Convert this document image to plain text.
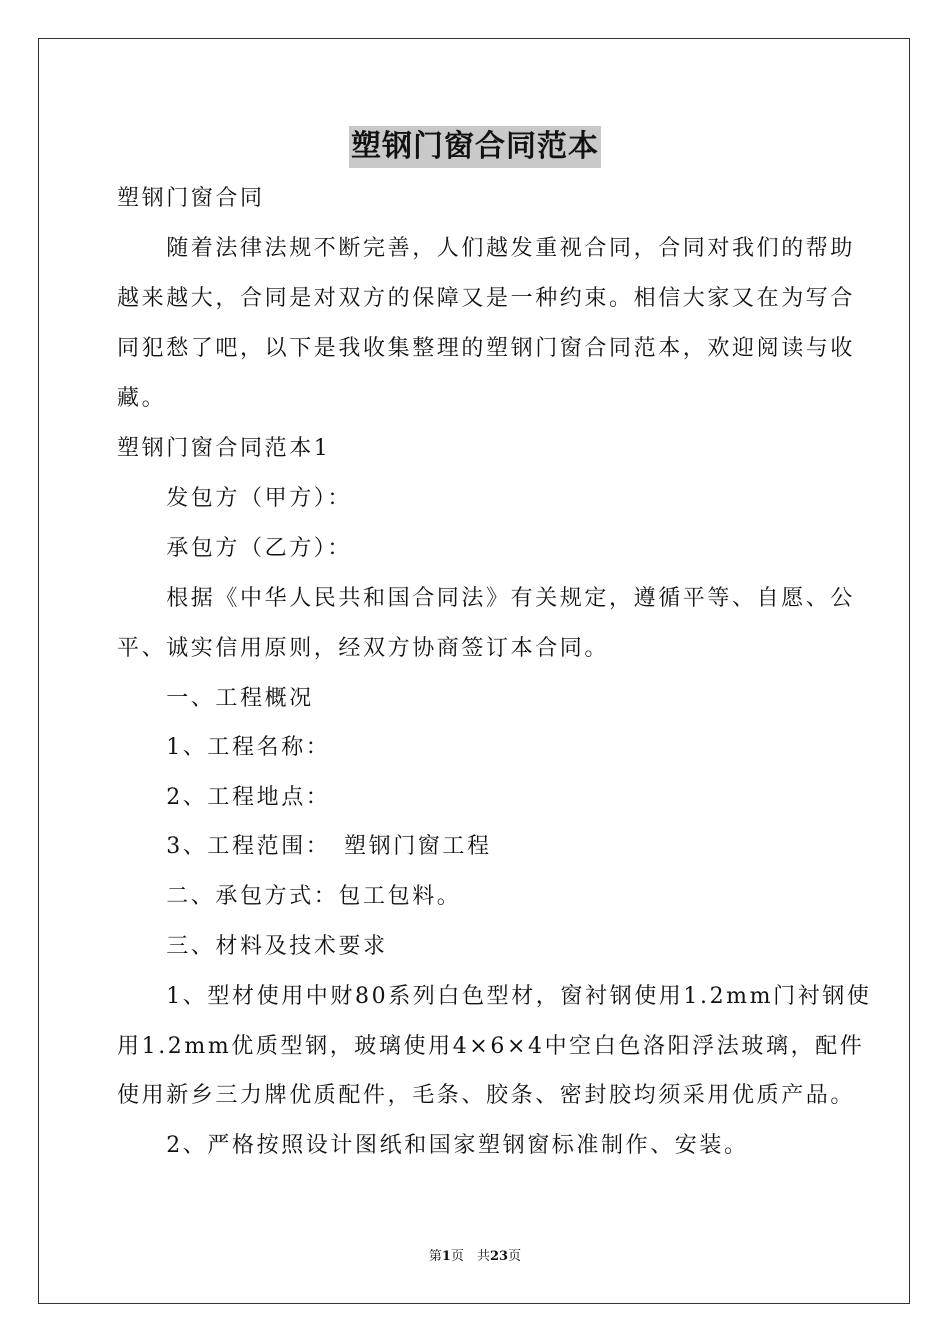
塑钢门窗合同范本
塑钢门窗合同
　　随着法律法规不断完善，人们越发重视合同，合同对我们的帮助
越来越大，合同是对双方的保障又是一种约束。相信大家又在为写合
同犯愁了吧，以下是我收集整理的塑钢门窗合同范本，欢迎阅读与收
藏。
塑钢门窗合同范本1
　　发包方（甲方）：
　　承包方（乙方）：
　　根据《中华人民共和国合同法》有关规定，遵循平等、自愿、公
平、诚实信用原则，经双方协商签订本合同。
　　一、工程概况
　　1、工程名称：
　　2、工程地点：
　　3、工程范围：　塑钢门窗工程
　　二、承包方式：包工包料。
　　三、材料及技术要求
　　1、型材使用中财80系列白色型材，窗衬钢使用1.2mm门衬钢使
用1.2mm优质型钢，玻璃使用4×6×4中空白色洛阳浮法玻璃，配件
使用新乡三力牌优质配件，毛条、胶条、密封胶均须采用优质产品。
　　2、严格按照设计图纸和国家塑钢窗标准制作、安装。
第1页　共23页
